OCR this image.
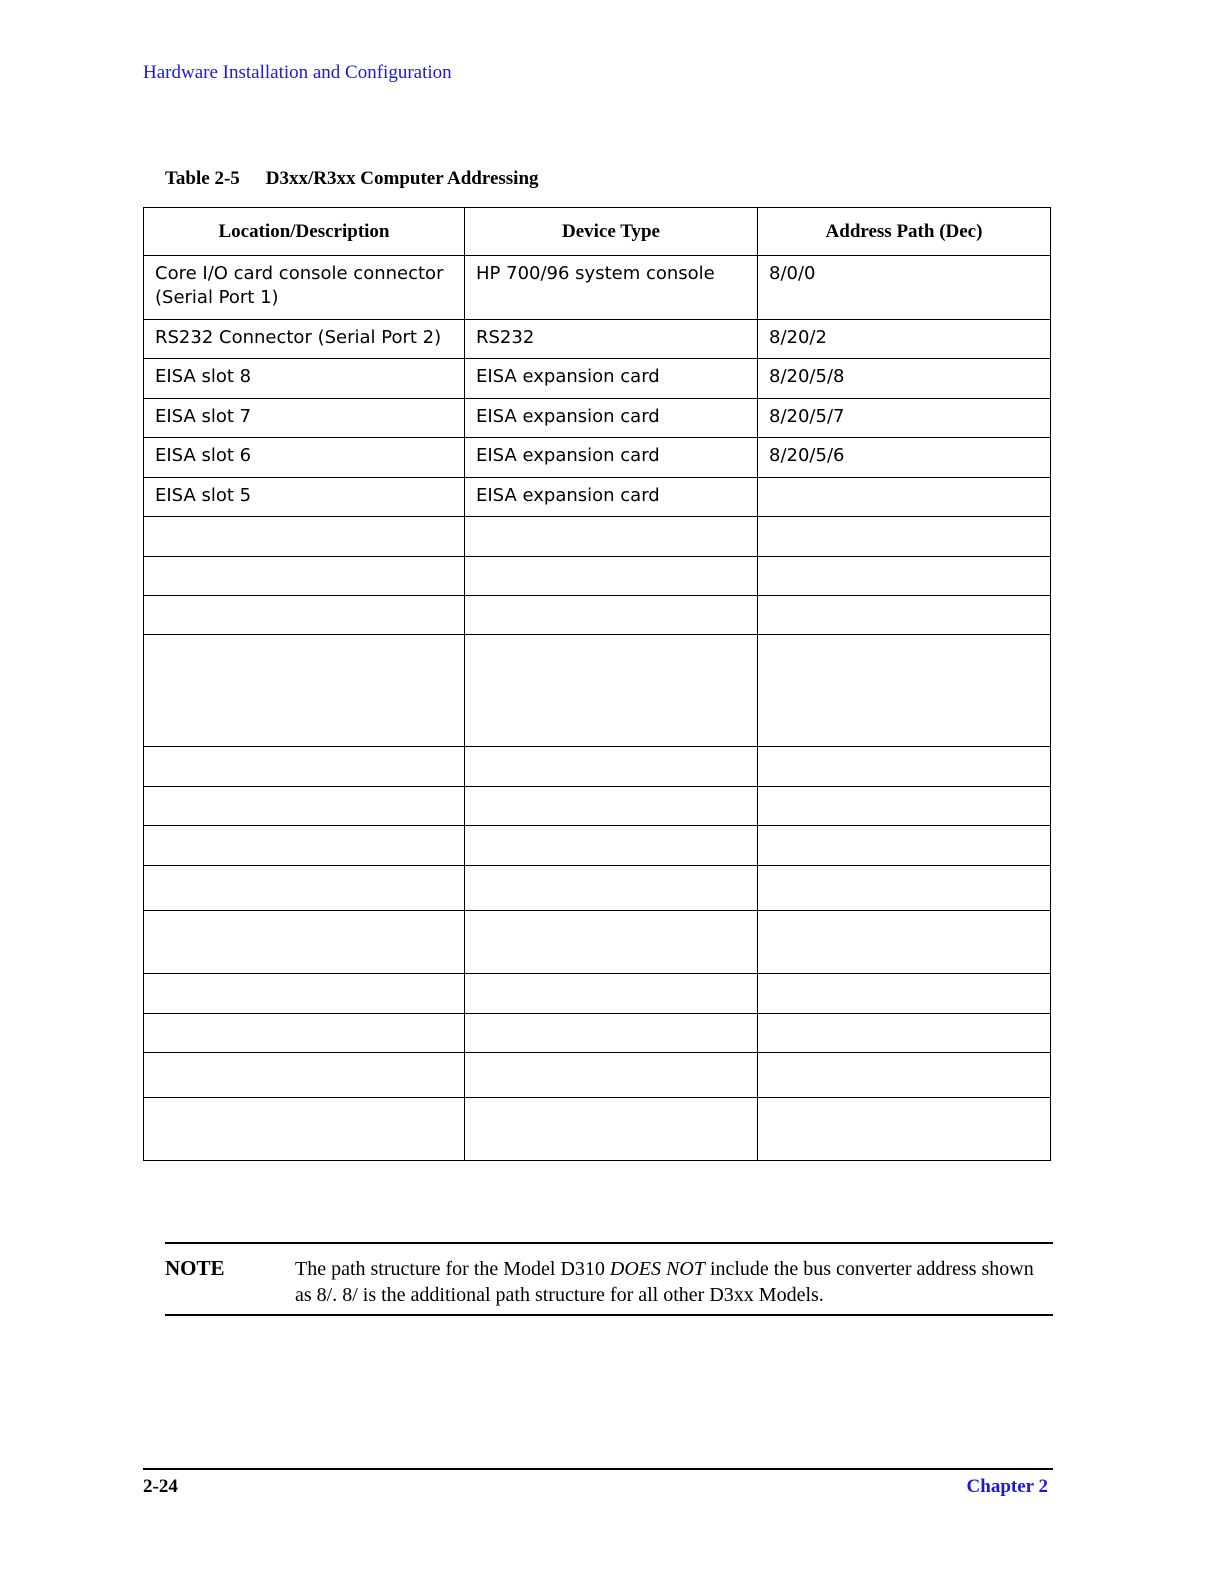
Hardware Installation and Configuration
Table 2-5 D3xx/R3xx Computer Addressing
Location/Description	Device Type	Address Path (Dec)
Core I/O card console connector (Serial Port 1)	HP 700/96 system console	8/0/0
RS232 Connector (Serial Port 2)	RS232	8/20/2
EISA slot 8	EISA expansion card	8/20/5/8
EISA slot 7	EISA expansion card	8/20/5/7
EISA slot 6	EISA expansion card	8/20/5/6
EISA slot 5	EISA expansion card	

NOTE	The path structure for the Model D310 DOES NOT include the bus converter address shown as 8/. 8/ is the additional path structure for all other D3xx Models.
2-24	Chapter 2
